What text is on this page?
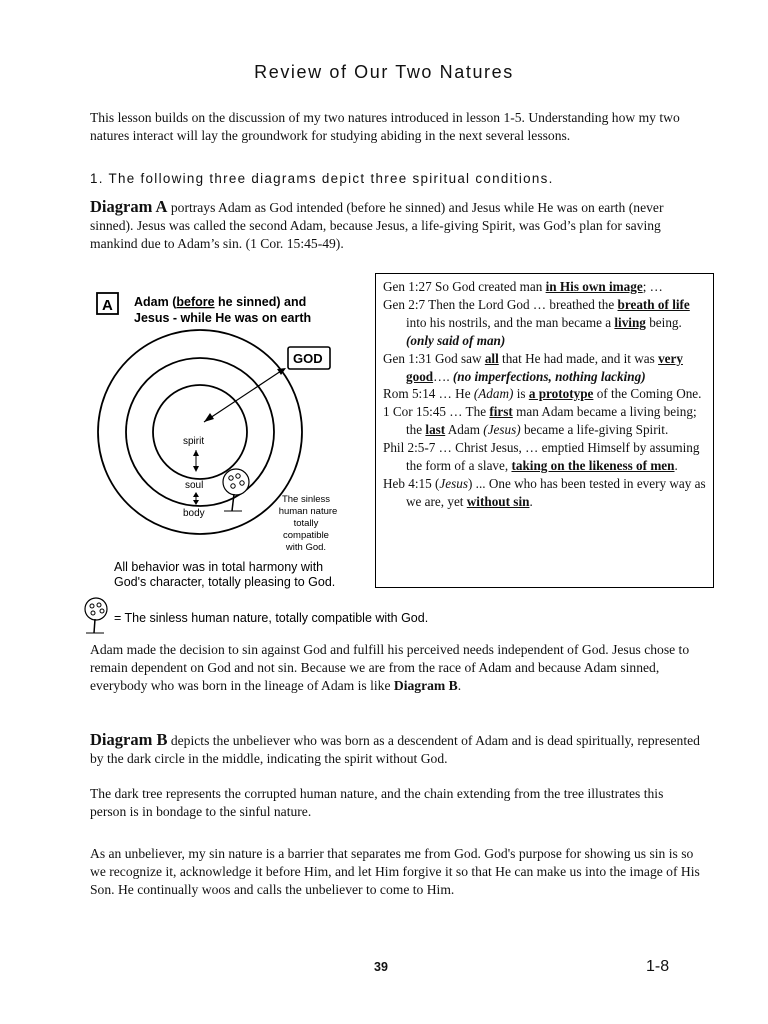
Review of Our Two Natures
This lesson builds on the discussion of my two natures introduced in lesson 1-5. Understanding how my two natures interact will lay the groundwork for studying abiding in the next several lessons.
1. The following three diagrams depict three spiritual conditions.
Diagram A portrays Adam as God intended (before he sinned) and Jesus while He was on earth (never sinned). Jesus was called the second Adam, because Jesus, a life-giving Spirit, was God’s plan for saving mankind due to Adam’s sin. (1 Cor. 15:45-49).
A Adam (before he sinned) and
Jesus - while He was on earth
GOD
spirit
soul
body
The sinless
human nature
totally
compatible
with God.
All behavior was in total harmony with
God's character, totally pleasing to God.
Gen 1:27 So God created man in His own image; …
Gen 2:7 Then the Lord God … breathed the breath of life into his nostrils, and the man became a living being. (only said of man)
Gen 1:31 God saw all that He had made, and it was very good…. (no imperfections, nothing lacking)
Rom 5:14 … He (Adam) is a prototype of the Coming One.
1 Cor 15:45 … The first man Adam became a living being; the last Adam (Jesus) became a life-giving Spirit.
Phil 2:5-7 … Christ Jesus, … emptied Himself by assuming the form of a slave, taking on the likeness of men.
Heb 4:15 (Jesus) ... One who has been tested in every way as we are, yet without sin.
= The sinless human nature, totally compatible with God.
Adam made the decision to sin against God and fulfill his perceived needs independent of God. Jesus chose to remain dependent on God and not sin. Because we are from the race of Adam and because Adam sinned, everybody who was born in the lineage of Adam is like Diagram B.
Diagram B depicts the unbeliever who was born as a descendent of Adam and is dead spiritually, represented by the dark circle in the middle, indicating the spirit without God.
The dark tree represents the corrupted human nature, and the chain extending from the tree illustrates this person is in bondage to the sinful nature.
As an unbeliever, my sin nature is a barrier that separates me from God. God's purpose for showing us sin is so we recognize it, acknowledge it before Him, and let Him forgive it so that He can make us into the image of His Son. He continually woos and calls the unbeliever to come to Him.
39	1-8
